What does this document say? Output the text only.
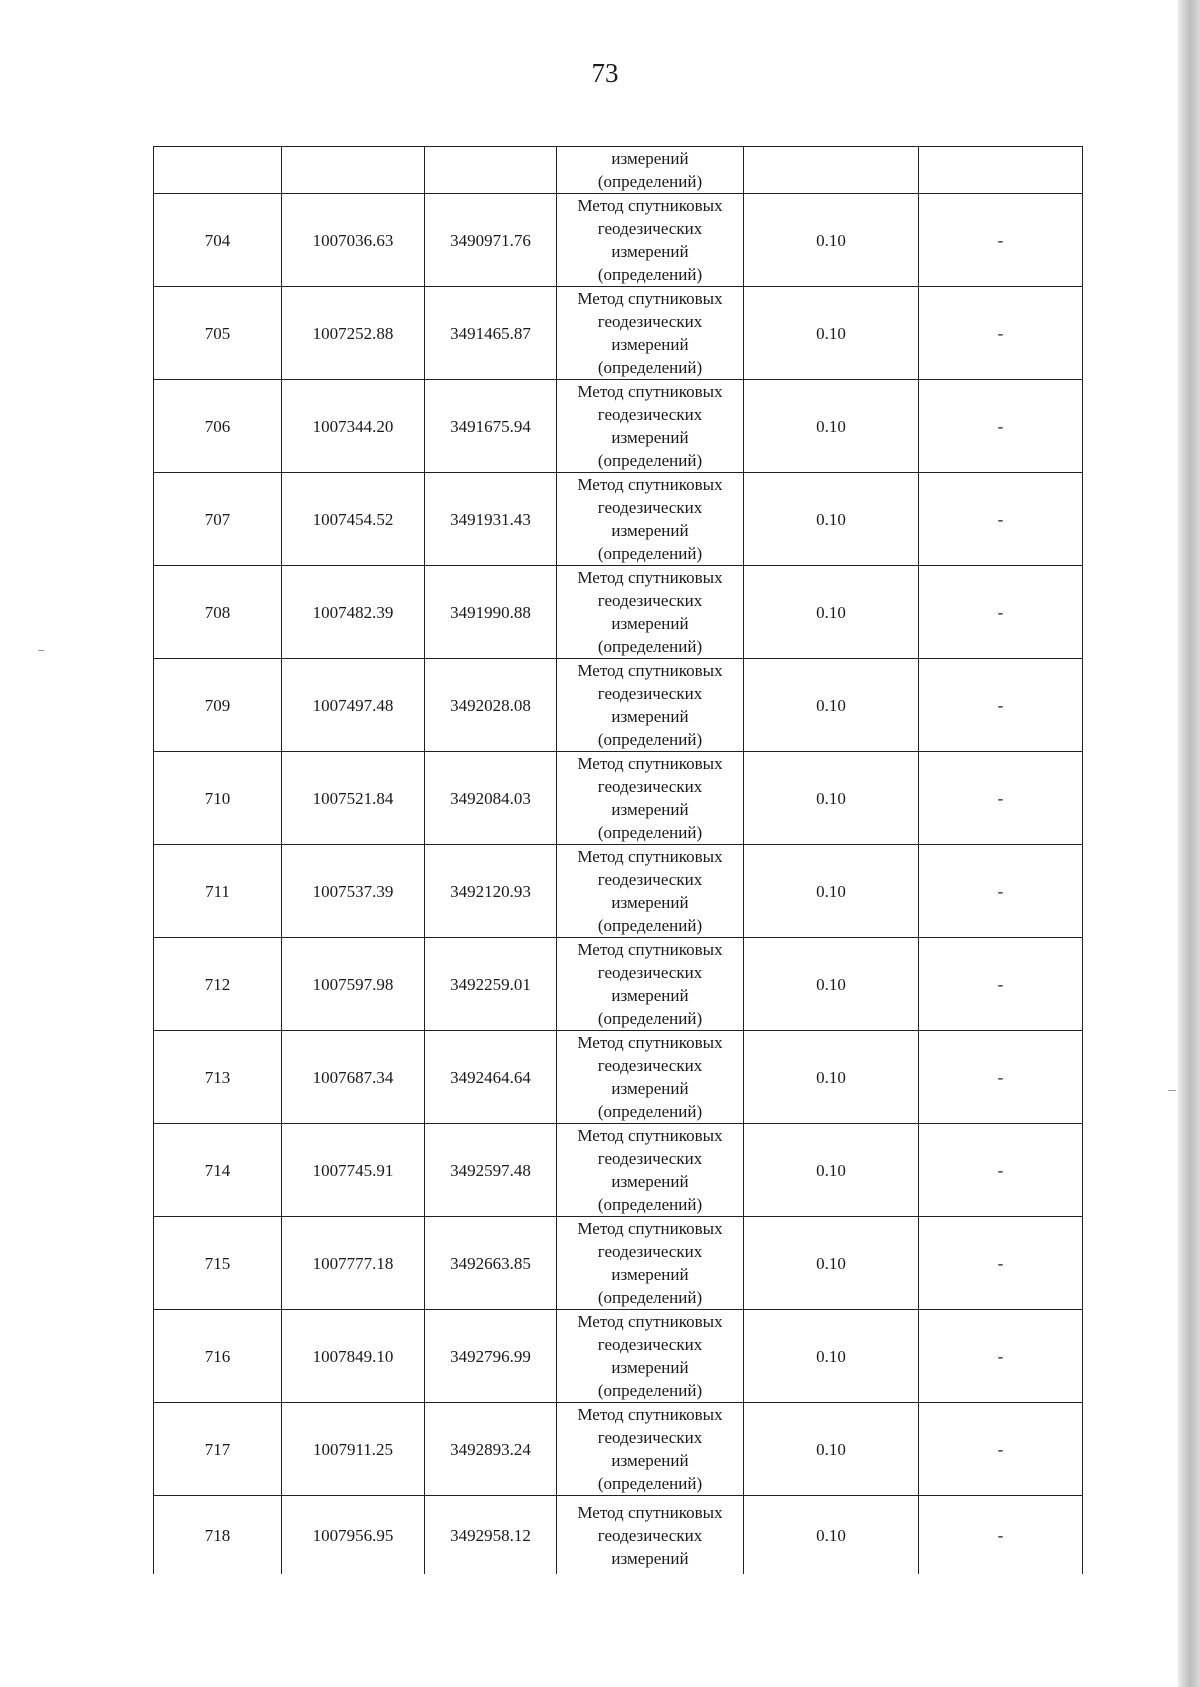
73

			измерений
(определений)		

704	1007036.63	3490971.76	Метод спутниковых
геодезических
измерений
(определений)	0.10	-
705	1007252.88	3491465.87	Метод спутниковых
геодезических
измерений
(определений)	0.10	-
706	1007344.20	3491675.94	Метод спутниковых
геодезических
измерений
(определений)	0.10	-
707	1007454.52	3491931.43	Метод спутниковых
геодезических
измерений
(определений)	0.10	-
708	1007482.39	3491990.88	Метод спутниковых
геодезических
измерений
(определений)	0.10	-
709	1007497.48	3492028.08	Метод спутниковых
геодезических
измерений
(определений)	0.10	-
710	1007521.84	3492084.03	Метод спутниковых
геодезических
измерений
(определений)	0.10	-
711	1007537.39	3492120.93	Метод спутниковых
геодезических
измерений
(определений)	0.10	-
712	1007597.98	3492259.01	Метод спутниковых
геодезических
измерений
(определений)	0.10	-
713	1007687.34	3492464.64	Метод спутниковых
геодезических
измерений
(определений)	0.10	-
714	1007745.91	3492597.48	Метод спутниковых
геодезических
измерений
(определений)	0.10	-
715	1007777.18	3492663.85	Метод спутниковых
геодезических
измерений
(определений)	0.10	-
716	1007849.10	3492796.99	Метод спутниковых
геодезических
измерений
(определений)	0.10	-
717	1007911.25	3492893.24	Метод спутниковых
геодезических
измерений
(определений)	0.10	-
718	1007956.95	3492958.12	Метод спутниковых
геодезических
измерений	0.10	-
